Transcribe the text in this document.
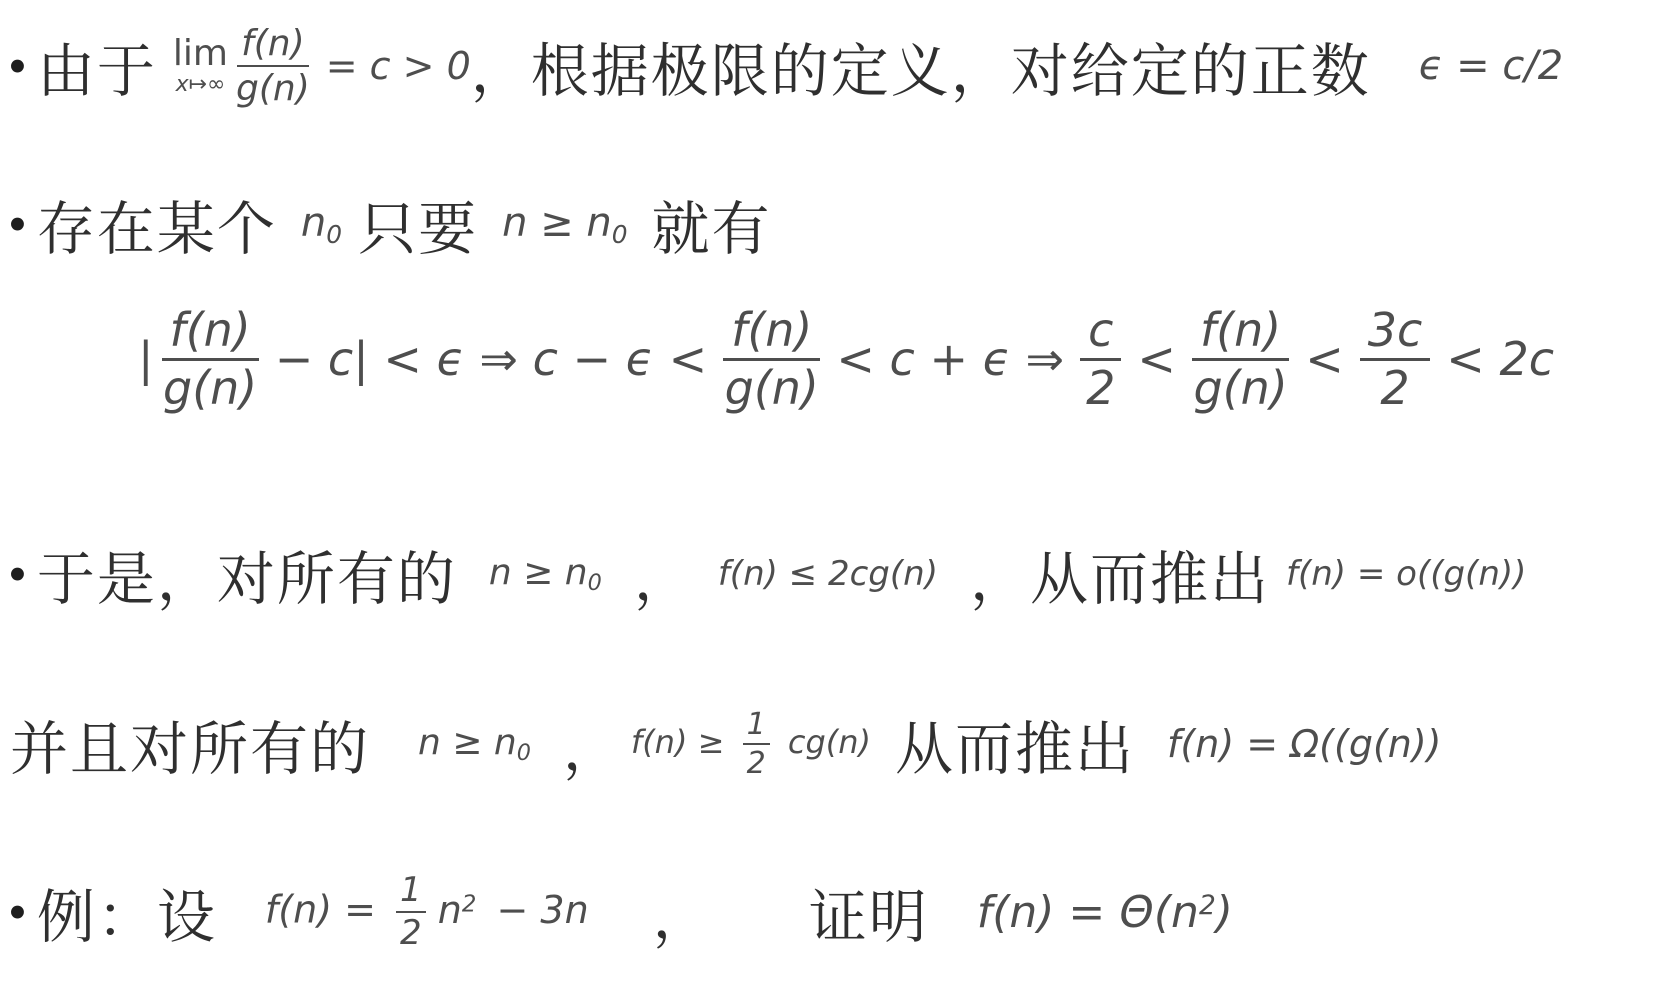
• 由于 lim
x↦∞ $\frac{f(n)}{g(n)} = c > 0$ ，根据极限的定义，对给定的正数 ϵ = c/2
• 存在某个 $n_0$ 只要 $n \ge n_0$ 就有
| $\frac{f(n)}{g(n)} - c| < \epsilon$ ⇒ $c - \epsilon < \frac{f(n)}{g(n)} < c + \epsilon$ ⇒ $\frac{c}{2} < \frac{f(n)}{g(n)} < \frac{3c}{2} < 2c$
• 于是，对所有的 $n \ge n_0$ ， f(n) ≤ 2cg(n) ，从而推出 f(n) = o((g(n))
并且对所有的 $n \ge n_0$ ， $f(n) \ge \frac{1}{2} cg(n)$ 从而推出 f(n) = Ω((g(n))
• 例：设 $f(n) = \frac{1}{2} n^2 - 3n$ ， 证明 $f(n) = \Theta(n^2)$
